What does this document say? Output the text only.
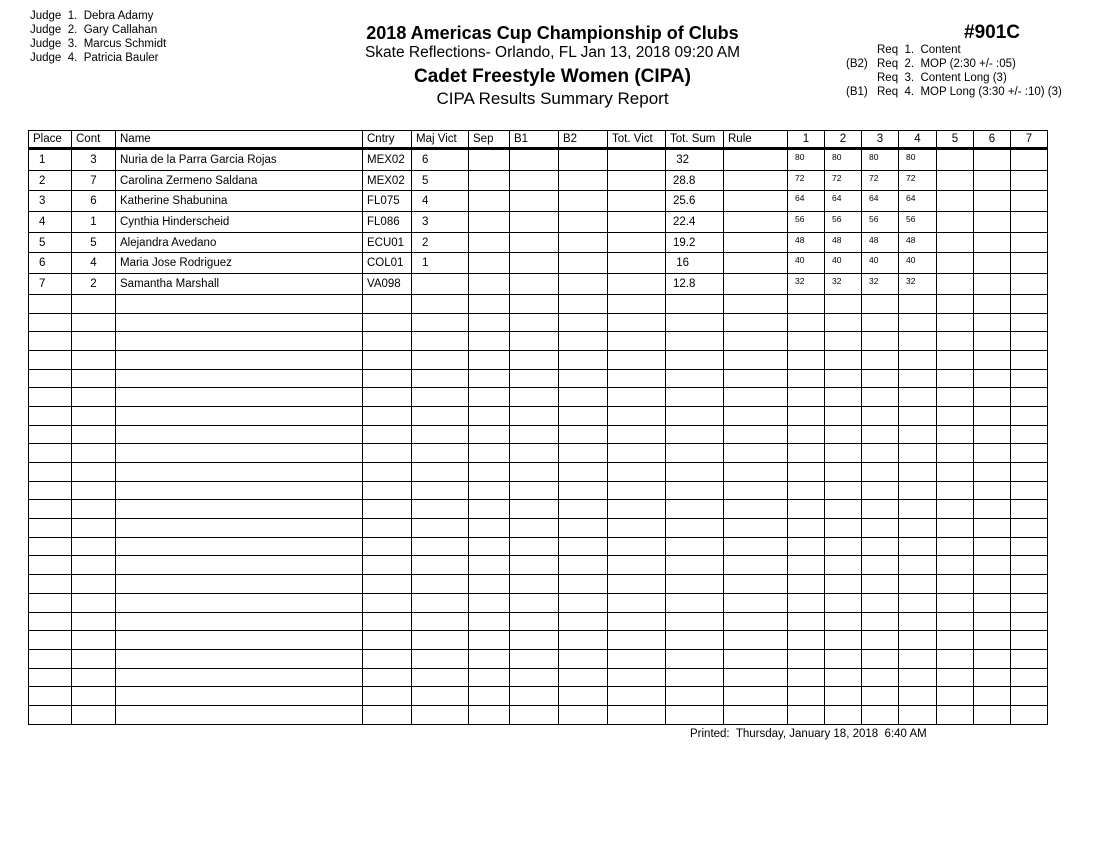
Judge  1. Debra Adamy
Judge  2. Gary Callahan
Judge  3. Marcus Schmidt
Judge  4. Patricia Bauler
2018 Americas Cup Championship of Clubs
Skate Reflections- Orlando, FL Jan 13, 2018 09:20 AM
Cadet Freestyle Women (CIPA)
CIPA Results Summary Report
#901C
Req  1.  Content
(B2) Req  2.  MOP (2:30 +/- :05)
Req  3.  Content Long (3)
(B1) Req  4.  MOP Long (3:30 +/- :10) (3)
Place	Cont	Name	Cntry	Maj Vict	Sep	B1	B2	Tot. Vict	Tot. Sum	Rule	1	2	3	4	5	6	7
1	3	Nuria de la Parra Garcia Rojas	MEX02	6					32		80	80	80	80			
2	7	Carolina Zermeno Saldana	MEX02	5					28.8		72	72	72	72			
3	6	Katherine Shabunina	FL075	4					25.6		64	64	64	64			
4	1	Cynthia Hinderscheid	FL086	3					22.4		56	56	56	56			
5	5	Alejandra Avedano	ECU01	2					19.2		48	48	48	48			
6	4	Maria Jose Rodriguez	COL01	1					16		40	40	40	40			
7	2	Samantha Marshall	VA098						12.8		32	32	32	32			

Printed:  Thursday, January 18, 2018  6:40 AM
